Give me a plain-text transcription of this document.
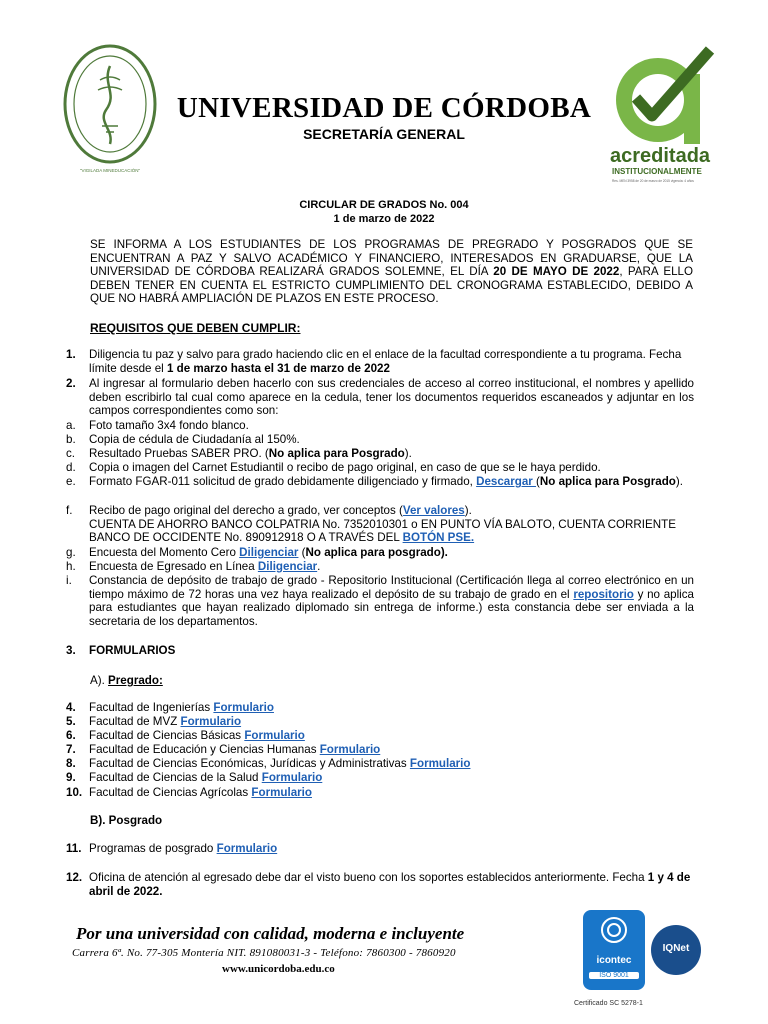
"VIGILADA MINEDUCACIÓN"
UNIVERSIDAD DE CÓRDOBA
SECRETARÍA GENERAL
acreditada
INSTITUCIONALMENTE
Res. MEN 3958 de 20 de marzo de 2015 vigencia: 4 años
CIRCULAR DE GRADOS No. 004
1 de marzo de 2022
SE INFORMA A LOS ESTUDIANTES DE LOS PROGRAMAS DE PREGRADO Y POSGRADOS QUE SE ENCUENTRAN A PAZ Y SALVO ACADÉMICO Y FINANCIERO, INTERESADOS EN GRADUARSE, QUE LA UNIVERSIDAD DE CÓRDOBA REALIZARÁ GRADOS SOLEMNE, EL DÍA 20 DE MAYO DE 2022, PARA ELLO DEBEN TENER EN CUENTA EL ESTRICTO CUMPLIMIENTO DEL CRONOGRAMA ESTABLECIDO, DEBIDO A QUE NO HABRÁ AMPLIACIÓN DE PLAZOS EN ESTE PROCESO.
REQUISITOS QUE DEBEN CUMPLIR:
1.	Diligencia tu paz y salvo para grado haciendo clic en el enlace de la facultad correspondiente a tu programa. Fecha límite desde el 1 de marzo hasta el 31 de marzo de 2022
2.	Al ingresar al formulario deben hacerlo con sus credenciales de acceso al correo institucional, el nombres y apellido deben escribirlo tal cual como aparece en la cedula, tener los documentos requeridos escaneados y adjuntar en los campos correspondientes como son:
a.	Foto tamaño 3x4 fondo blanco.
b.	Copia de cédula de Ciudadanía al 150%.
c.	Resultado Pruebas SABER PRO. (No aplica para Posgrado).
d.	Copia o imagen del Carnet Estudiantil o recibo de pago original, en caso de que se le haya perdido.
e.	Formato FGAR-011 solicitud de grado debidamente diligenciado y firmado, Descargar (No aplica para Posgrado).
f.	Recibo de pago original del derecho a grado, ver conceptos (Ver valores).
CUENTA DE AHORRO BANCO COLPATRIA No. 7352010301 o EN PUNTO VÍA BALOTO, CUENTA CORRIENTE BANCO DE OCCIDENTE No. 890912918 O A TRAVÉS DEL BOTÓN PSE.
g.	Encuesta del Momento Cero Diligenciar (No aplica para posgrado).
h.	Encuesta de Egresado en Línea Diligenciar.
i.	Constancia de depósito de trabajo de grado - Repositorio Institucional (Certificación llega al correo electrónico en un tiempo máximo de 72 horas una vez haya realizado el depósito de su trabajo de grado en el repositorio y no aplica para estudiantes que hayan realizado diplomado sin entrega de informe.) esta constancia debe ser enviada a la secretaria de los departamentos.
3.	FORMULARIOS
A). Pregrado:
4.	Facultad de Ingenierías Formulario
5.	Facultad de MVZ Formulario
6.	Facultad de Ciencias Básicas Formulario
7.	Facultad de Educación y Ciencias Humanas Formulario
8.	Facultad de Ciencias Económicas, Jurídicas y Administrativas Formulario
9.	Facultad de Ciencias de la Salud Formulario
10. Facultad de Ciencias Agrícolas Formulario
B). Posgrado
11. Programas de posgrado Formulario
12. Oficina de atención al egresado debe dar el visto bueno con los soportes establecidos anteriormente. Fecha 1 y 4 de abril de 2022.
Por una universidad con calidad, moderna e incluyente
Carrera 6ª. No. 77-305 Montería NIT. 891080031-3 - Teléfono: 7860300 - 7860920
www.unicordoba.edu.co
icontec
ISO 9001
IQNet
Certificado SC 5278-1
